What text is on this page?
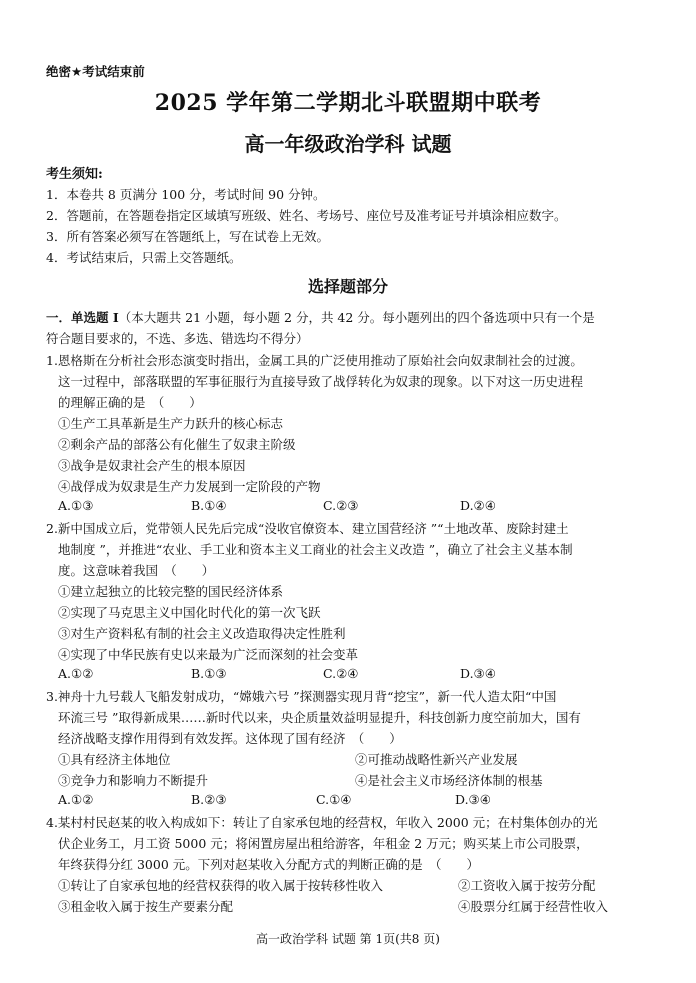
绝密★考试结束前
2025 学年第二学期北斗联盟期中联考
高一年级政治学科 试题
考生须知:
1．本卷共 8 页满分 100 分，考试时间 90 分钟。
2．答题前，在答题卷指定区域填写班级、姓名、考场号、座位号及准考证号并填涂相应数字。
3．所有答案必须写在答题纸上，写在试卷上无效。
4．考试结束后，只需上交答题纸。
选择题部分
一．单选题 I（本大题共 21 小题，每小题 2 分，共 42 分。每小题列出的四个备选项中只有一个是
符合题目要求的，不选、多选、错选均不得分）
1.恩格斯在分析社会形态演变时指出，金属工具的广泛使用推动了原始社会向奴隶制社会的过渡。
这一过程中，部落联盟的军事征服行为直接导致了战俘转化为奴隶的现象。以下对这一历史进程
的理解正确的是　（　　）
①生产工具革新是生产力跃升的核心标志
②剩余产品的部落公有化催生了奴隶主阶级
③战争是奴隶社会产生的根本原因
④战俘成为奴隶是生产力发展到一定阶段的产物
A.①③	B.①④	C.②③	D.②④
2.新中国成立后，党带领人民先后完成“没收官僚资本、建立国营经济 ”“土地改革、废除封建土
地制度 ”，并推进“农业、手工业和资本主义工商业的社会主义改造 ”，确立了社会主义基本制
度。这意味着我国　（　　）
①建立起独立的比较完整的国民经济体系
②实现了马克思主义中国化时代化的第一次飞跃
③对生产资料私有制的社会主义改造取得决定性胜利
④实现了中华民族有史以来最为广泛而深刻的社会变革
A.①②	B.①③	C.②④	D.③④
3.神舟十九号载人飞船发射成功，“嫦娥六号 ”探测器实现月背“挖宝”，新一代人造太阳“中国
环流三号 ”取得新成果……新时代以来，央企质量效益明显提升，科技创新力度空前加大，国有
经济战略支撑作用得到有效发挥。这体现了国有经济　（　　）
①具有经济主体地位	②可推动战略性新兴产业发展
③竞争力和影响力不断提升	④是社会主义市场经济体制的根基
A.①②	B.②③	C.①④	D.③④
4.某村村民赵某的收入构成如下：转让了自家承包地的经营权，年收入 2000 元；在村集体创办的光
伏企业务工，月工资 5000 元；将闲置房屋出租给游客，年租金 2 万元；购买某上市公司股票，
年终获得分红 3000 元。下列对赵某收入分配方式的判断正确的是　（　　）
①转让了自家承包地的经营权获得的收入属于按转移性收入	②工资收入属于按劳分配
③租金收入属于按生产要素分配	④股票分红属于经营性收入
高一政治学科 试题 第 1页(共8 页)
